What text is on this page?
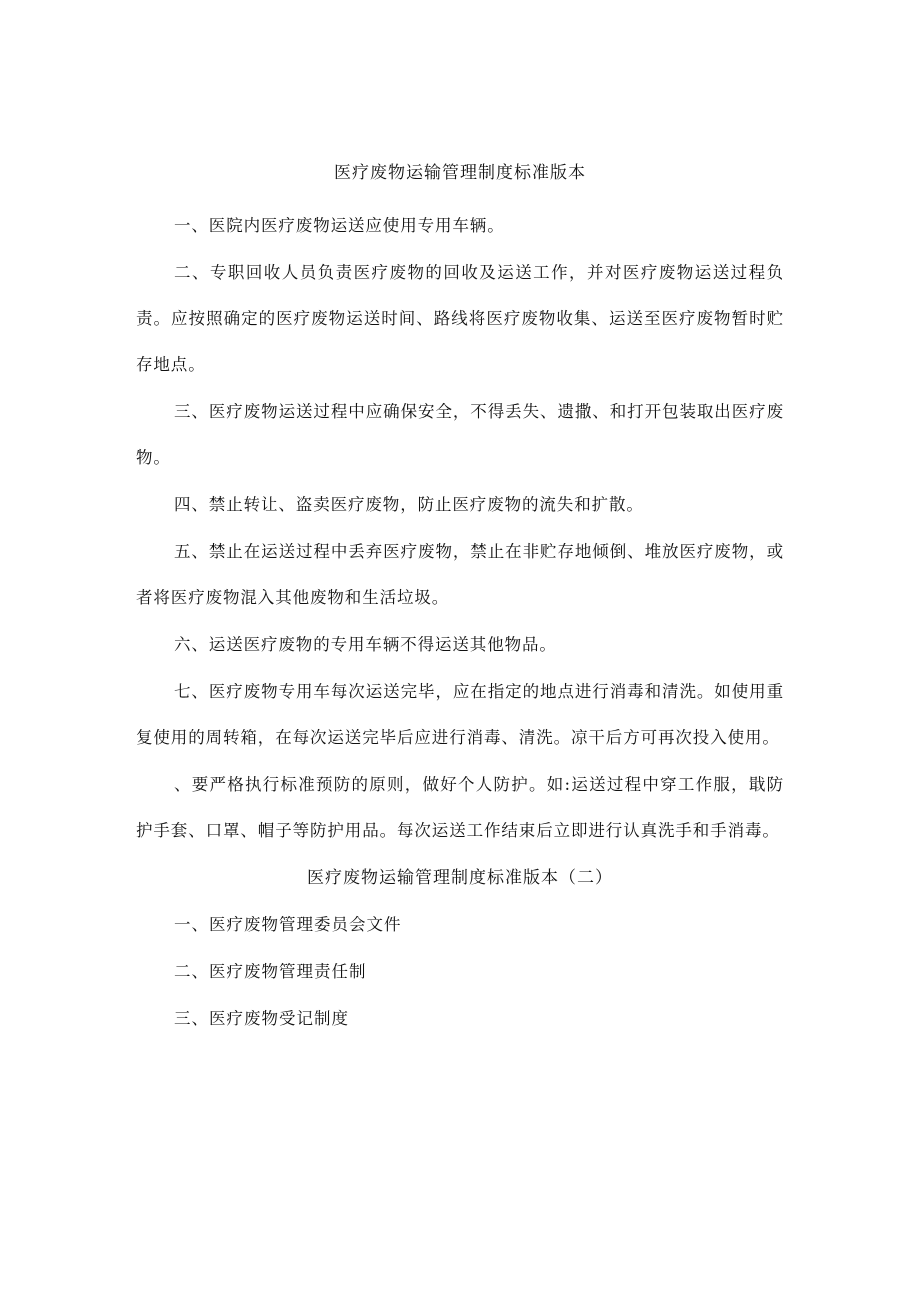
医疗废物运输管理制度标准版本

一、医院内医疗废物运送应使用专用车辆。

二、专职回收人员负责医疗废物的回收及运送工作，并对医疗废物运送过程负责。应按照确定的医疗废物运送时间、路线将医疗废物收集、运送至医疗废物暂时贮存地点。

三、医疗废物运送过程中应确保安全，不得丢失、遗撒、和打开包装取出医疗废物。

四、禁止转让、盗卖医疗废物，防止医疗废物的流失和扩散。

五、禁止在运送过程中丢弃医疗废物，禁止在非贮存地倾倒、堆放医疗废物，或者将医疗废物混入其他废物和生活垃圾。

六、运送医疗废物的专用车辆不得运送其他物品。

七、医疗废物专用车每次运送完毕，应在指定的地点进行消毒和清洗。如使用重复使用的周转箱，在每次运送完毕后应进行消毒、清洗。凉干后方可再次投入使用。

、要严格执行标准预防的原则，做好个人防护。如:运送过程中穿工作服，戢防护手套、口罩、帽子等防护用品。每次运送工作结束后立即进行认真洗手和手消毒。

医疗废物运输管理制度标准版本（二）

一、医疗废物管理委员会文件

二、医疗废物管理责任制

三、医疗废物受记制度
